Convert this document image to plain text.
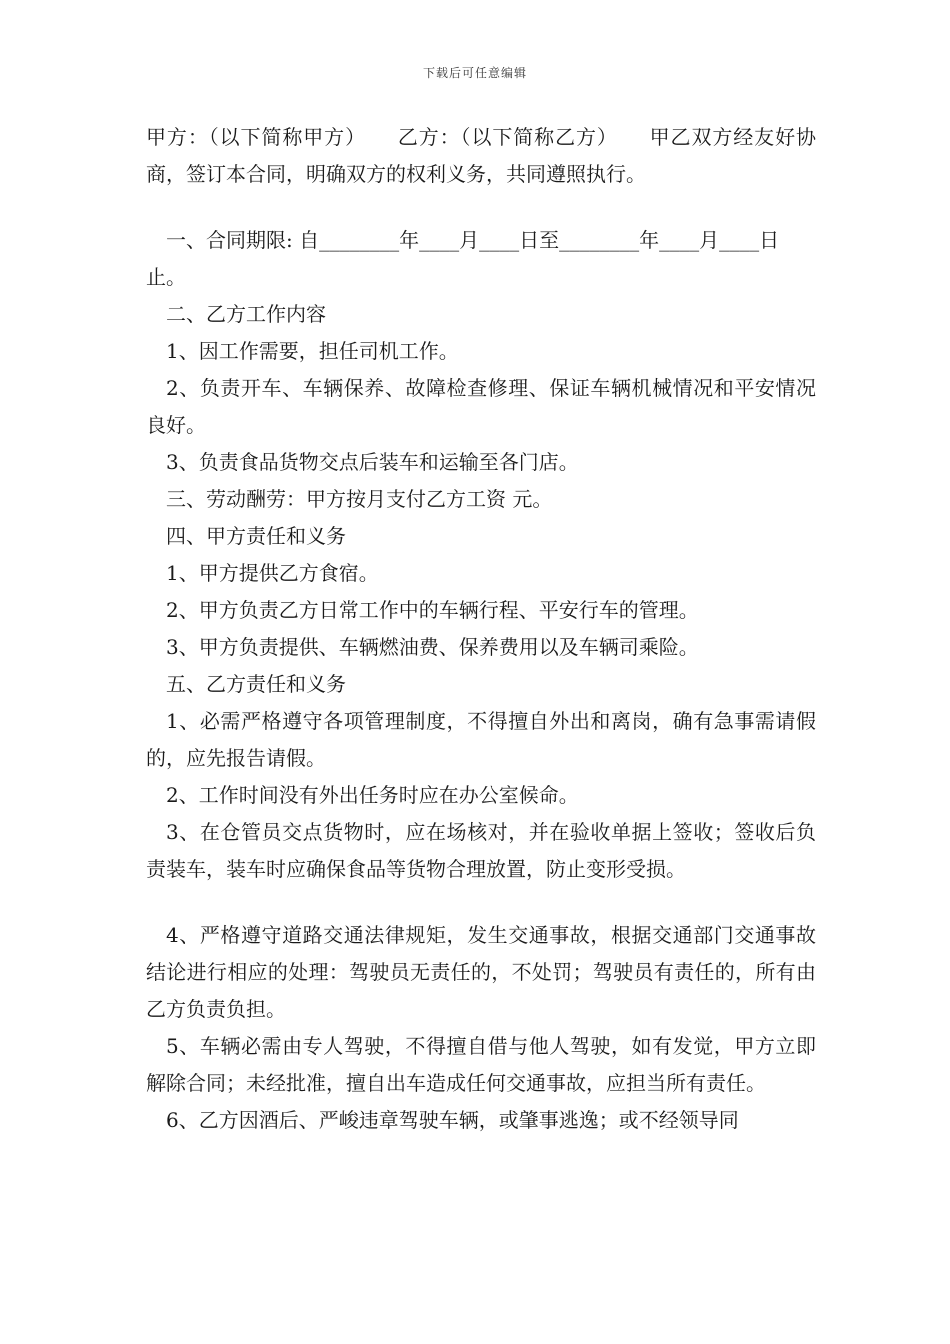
下载后可任意编辑

甲方：（以下简称甲方）　　乙方：（以下简称乙方）　　甲乙双方经友好协商，签订本合同，明确双方的权利义务，共同遵照执行。

一、合同期限: 自________年____月____日至________年____月____日止。

二、乙方工作内容

1、因工作需要，担任司机工作。

2、负责开车、车辆保养、故障检查修理、保证车辆机械情况和平安情况良好。

3、负责食品货物交点后装车和运输至各门店。

三、劳动酬劳：甲方按月支付乙方工资 元。

四、甲方责任和义务

1、甲方提供乙方食宿。

2、甲方负责乙方日常工作中的车辆行程、平安行车的管理。

3、甲方负责提供、车辆燃油费、保养费用以及车辆司乘险。

五、乙方责任和义务

1、必需严格遵守各项管理制度，不得擅自外出和离岗，确有急事需请假的，应先报告请假。

2、工作时间没有外出任务时应在办公室候命。

3、在仓管员交点货物时，应在场核对，并在验收单据上签收；签收后负责装车，装车时应确保食品等货物合理放置，防止变形受损。

4、严格遵守道路交通法律规矩，发生交通事故，根据交通部门交通事故结论进行相应的处理：驾驶员无责任的，不处罚；驾驶员有责任的，所有由乙方负责负担。

5、车辆必需由专人驾驶，不得擅自借与他人驾驶，如有发觉，甲方立即解除合同；未经批准，擅自出车造成任何交通事故，应担当所有责任。

6、乙方因酒后、严峻违章驾驶车辆，或肇事逃逸；或不经领导同
